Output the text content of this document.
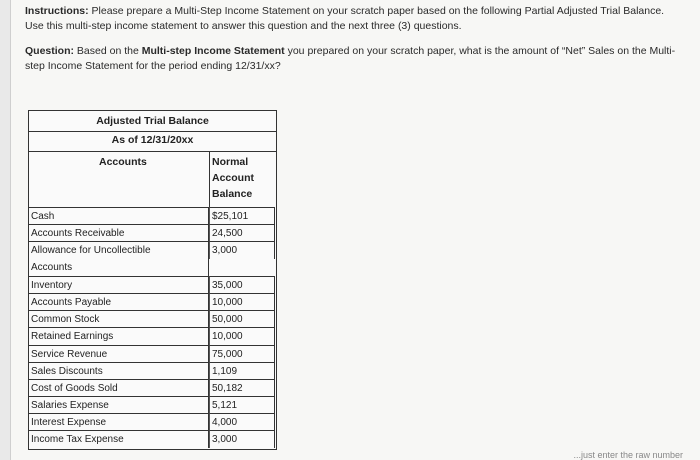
Instructions: Please prepare a Multi-Step Income Statement on your scratch paper based on the following Partial Adjusted Trial Balance. Use this multi-step income statement to answer this question and the next three (3) questions.
Question: Based on the Multi-step Income Statement you prepared on your scratch paper, what is the amount of “Net” Sales on the Multi-step Income Statement for the period ending 12/31/xx?
Adjusted Trial Balance
As of 12/31/20xx
Accounts	Normal
Account
Balance
Cash
Accounts Receivable
Allowance for Uncollectible
Accounts
Inventory
Accounts Payable
Common Stock
Retained Earnings
Service Revenue
Sales Discounts
Cost of Goods Sold
Salaries Expense
Interest Expense
Income Tax Expense
$25,101
24,500
3,000
35,000
10,000
50,000
10,000
75,000
1,109
50,182
5,121
4,000
3,000
...just enter the raw number
